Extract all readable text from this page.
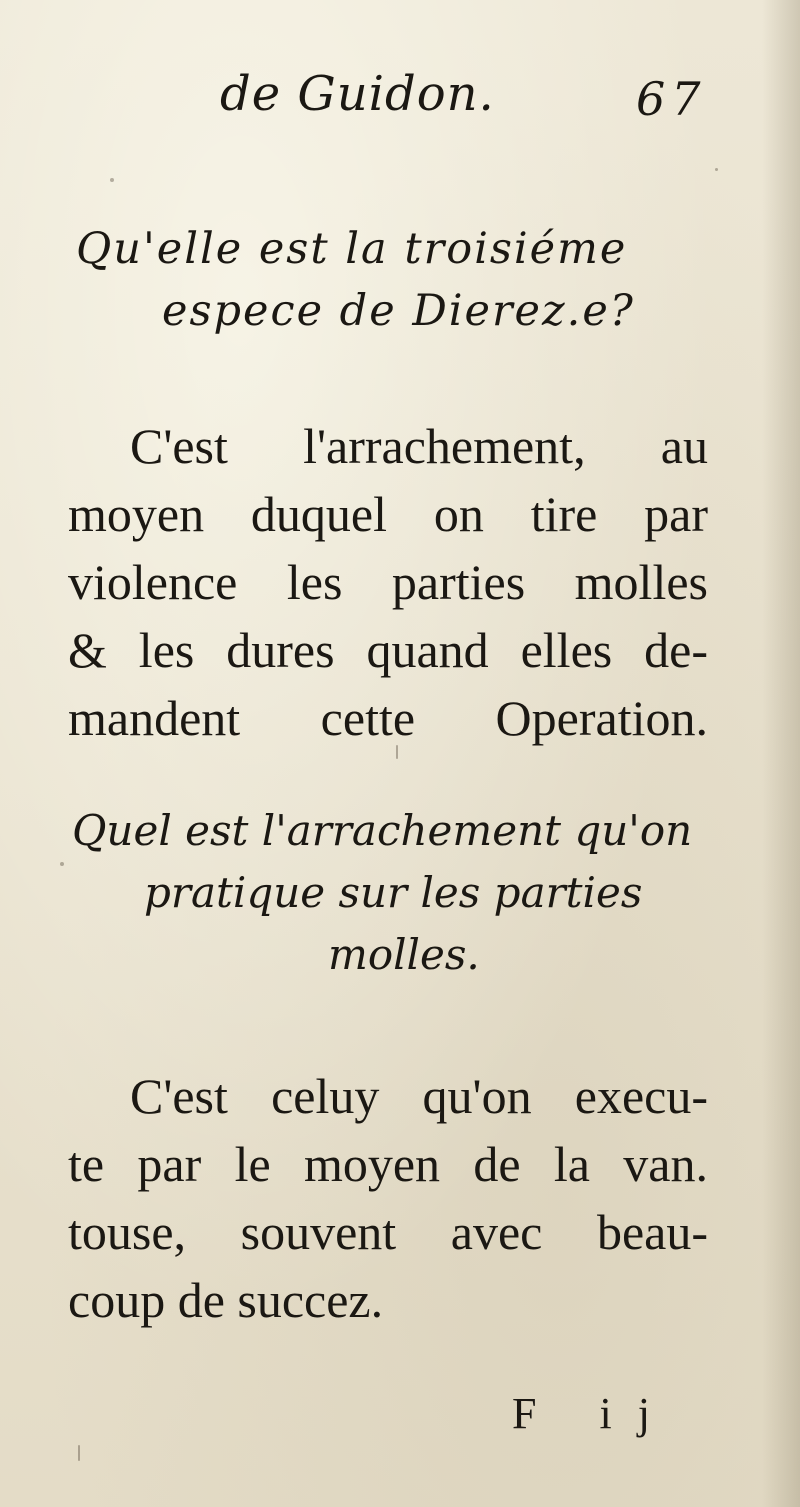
de Guidon.	67
Qu'elle est la troisiéme
espece de Dierez.e?
C'est l'arrachement, au
moyen duquel on tire par
violence les parties molles
& les dures quand elles de-
mandent cette Operation.
Quel est l'arrachement qu'on
pratique sur les parties
molles.
C'est celuy qu'on execu-
te par le moyen de la van.
touse, souvent avec beau-
coup de succez.
F ij
